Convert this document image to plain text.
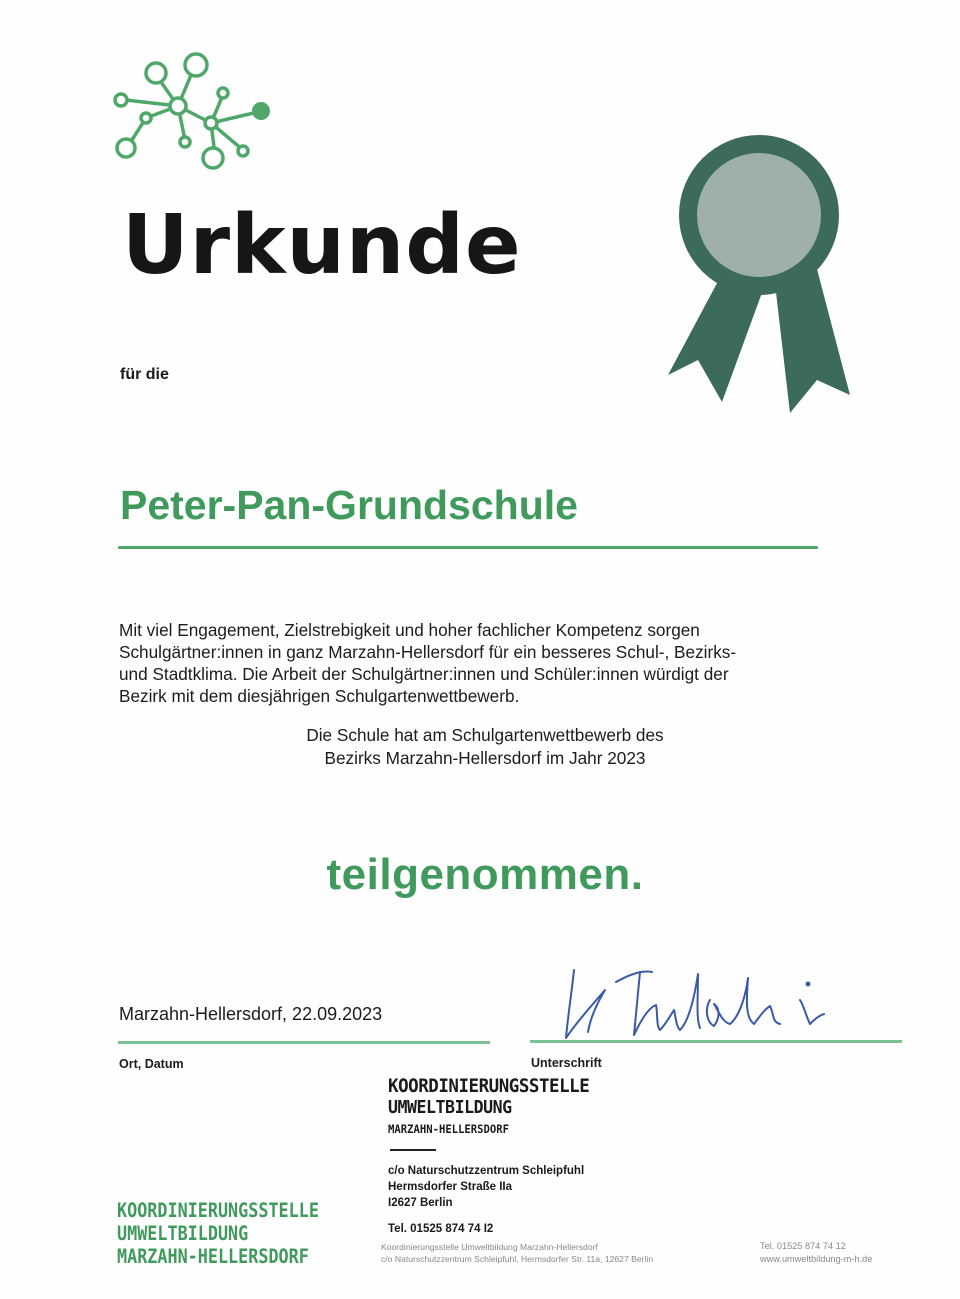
Urkunde
für die
Peter-Pan-Grundschule

Mit viel Engagement, Zielstrebigkeit und hoher fachlicher Kompetenz sorgen

Schulgärtner:innen in ganz Marzahn-Hellersdorf für ein besseres Schul-, Bezirks-

und Stadtklima. Die Arbeit der Schulgärtner:innen und Schüler:innen würdigt der

Bezirk mit dem diesjährigen Schulgartenwettbewerb.

Die Schule hat am Schulgartenwettbewerb des

Bezirks Marzahn-Hellersdorf im Jahr 2023

teilgenommen.
Marzahn-Hellersdorf, 22.09.2023
Ort, Datum	Unterschrift
KOORDINIERUNGSSTELLE
UMWELTBILDUNG
MARZAHN-HELLERSDORF
c/o Naturschutzzentrum Schleipfuhl
Hermsdorfer Straße IIa
I2627 Berlin
Tel. 01525 874 74 I2
KOORDINIERUNGSSTELLE
UMWELTBILDUNG
MARZAHN-HELLERSDORF	Koordinierungsstelle Umweltbildung Marzahn-Hellersdorf
c/o Naturschutzzentrum Schleipfuhl, Hermsdorfer Str. 11a, 12627 Berlin
Tel. 01525 874 74 12
www.umweltbildung-m-h.de
